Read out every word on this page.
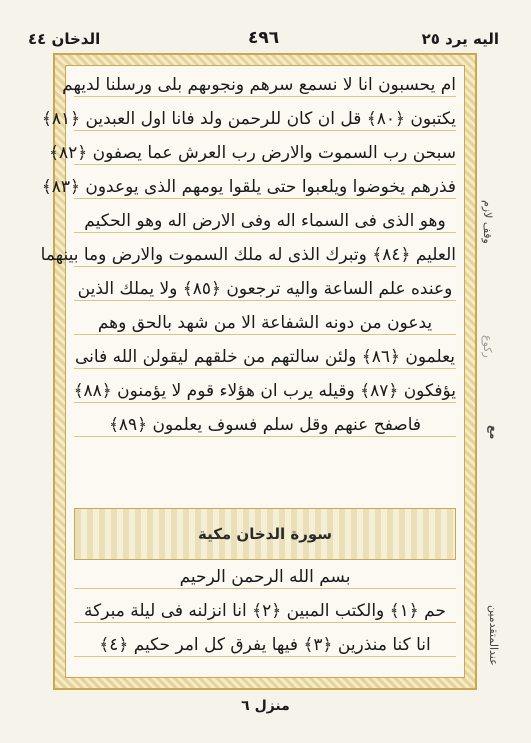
الدخان ٤٤	٤٩٦	اليه يرد ٢٥
ام يحسبون انا لا نسمع سرهم ونجوىهم بلى ورسلنا لديهم
يكتبون ﴿٨٠﴾ قل ان كان للرحمن ولد فانا اول العبدين ﴿٨١﴾
سبحن رب السموت والارض رب العرش عما يصفون ﴿٨٢﴾
فذرهم يخوضوا ويلعبوا حتى يلقوا يومهم الذى يوعدون ﴿٨٣﴾
وهو الذى فى السماء اله وفى الارض اله وهو الحكيم
العليم ﴿٨٤﴾ وتبرك الذى له ملك السموت والارض وما بينهما
وعنده علم الساعة واليه ترجعون ﴿٨٥﴾ ولا يملك الذين
يدعون من دونه الشفاعة الا من شهد بالحق وهم
يعلمون ﴿٨٦﴾ ولئن سالتهم من خلقهم ليقولن الله فانى
يؤفكون ﴿٨٧﴾ وقيله يرب ان هؤلاء قوم لا يؤمنون ﴿٨٨﴾
فاصفح عنهم وقل سلم فسوف يعلمون ﴿٨٩﴾
سورة الدخان مكية
بسم الله الرحمن الرحيم
حم ﴿١﴾ والكتب المبين ﴿٢﴾ انا انزلنه فى ليلة مبركة
انا كنا منذرين ﴿٣﴾ فيها يفرق كل امر حكيم ﴿٤﴾
وقف لازم
ركوع
مع
عندالمتقدمين
منزل ٦
